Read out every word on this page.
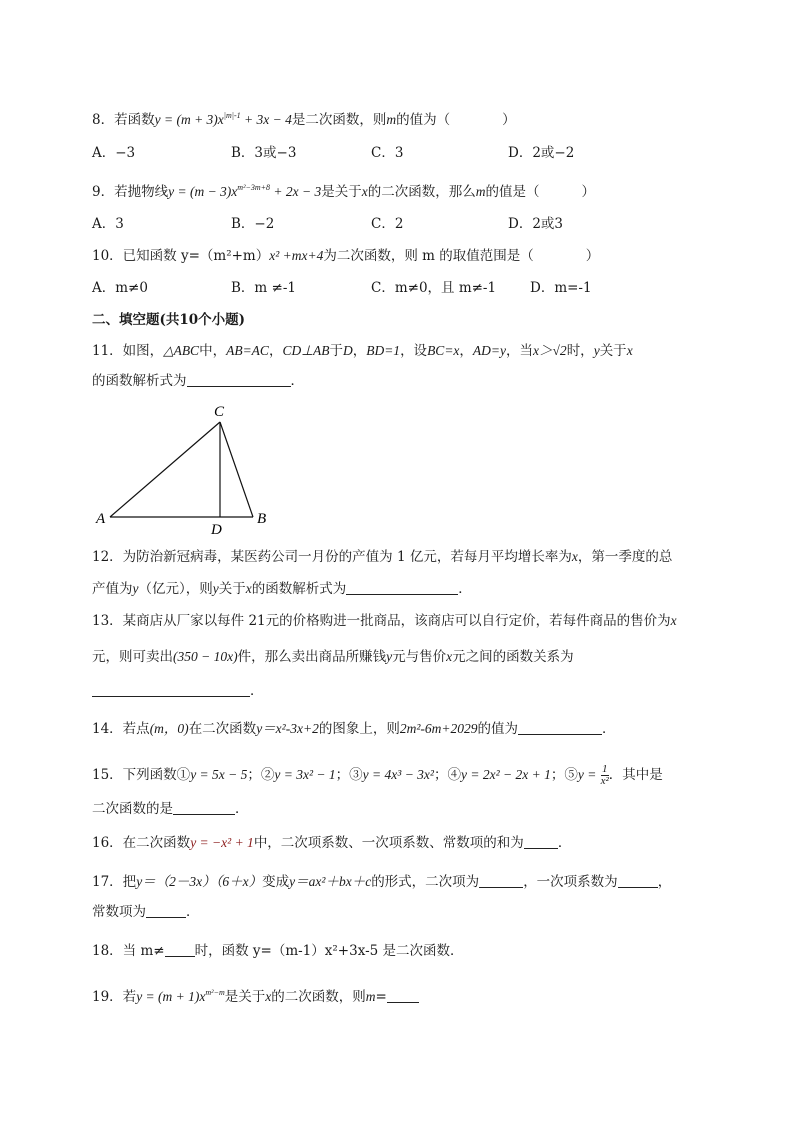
8．若函数$y = (m + 3)x^{|m|-1} + 3x - 4$是二次函数，则m的值为（	）
A．−3	B．3或−3	C．3	D．2或−2
9．若抛物线$y = (m - 3)x^{m^2-3m+8} + 2x - 3$是关于x的二次函数，那么m的值是（	）
A．3	B．−2	C．2	D．2或3
10．已知函数 y=（m²+m）x² +mx+4为二次函数，则 m 的取值范围是（	）
A．m≠0	B．m ≠-1	C．m≠0，且 m≠-1	D．m=-1
二、填空题(共10个小题)
11．如图，△ABC中，AB=AC，CD⊥AB于D，BD=1，设BC=x，AD=y，当x＞√2时，y关于x
的函数解析式为	．
A	B
C
D
12．为防治新冠病毒，某医药公司一月份的产值为 1 亿元，若每月平均增长率为x，第一季度的总
产值为y（亿元），则y关于x的函数解析式为	．
13．某商店从厂家以每件 21元的价格购进一批商品，该商店可以自行定价，若每件商品的售价为x
元，则可卖出(350 − 10x)件，那么卖出商品所赚钱y元与售价x元之间的函数关系为
．
14．若点(m，0)在二次函数y＝x²-3x+2的图象上，则2m²-6m+2029的值为	．
15．下列函数①y = 5x − 5；②y = 3x² − 1；③y = 4x³ − 3x²；④y = 2x² − 2x + 1；⑤y = $\frac{1}{\text{x²}}$ ．其中是
二次函数的是	．
16．在二次函数y = −x² + 1中，二次项系数、一次项系数、常数项的和为	．
17．把y＝（2－3x）（6＋x）变成y＝ax²＋bx＋c的形式，二次项为	，一次项系数为	，
常数项为	．
18．当 m≠ 时，函数 y=（m-1）x²+3x-5 是二次函数．
19．若$y = (m + 1)x^{m^2-m}$是关于x的二次函数，则m=
